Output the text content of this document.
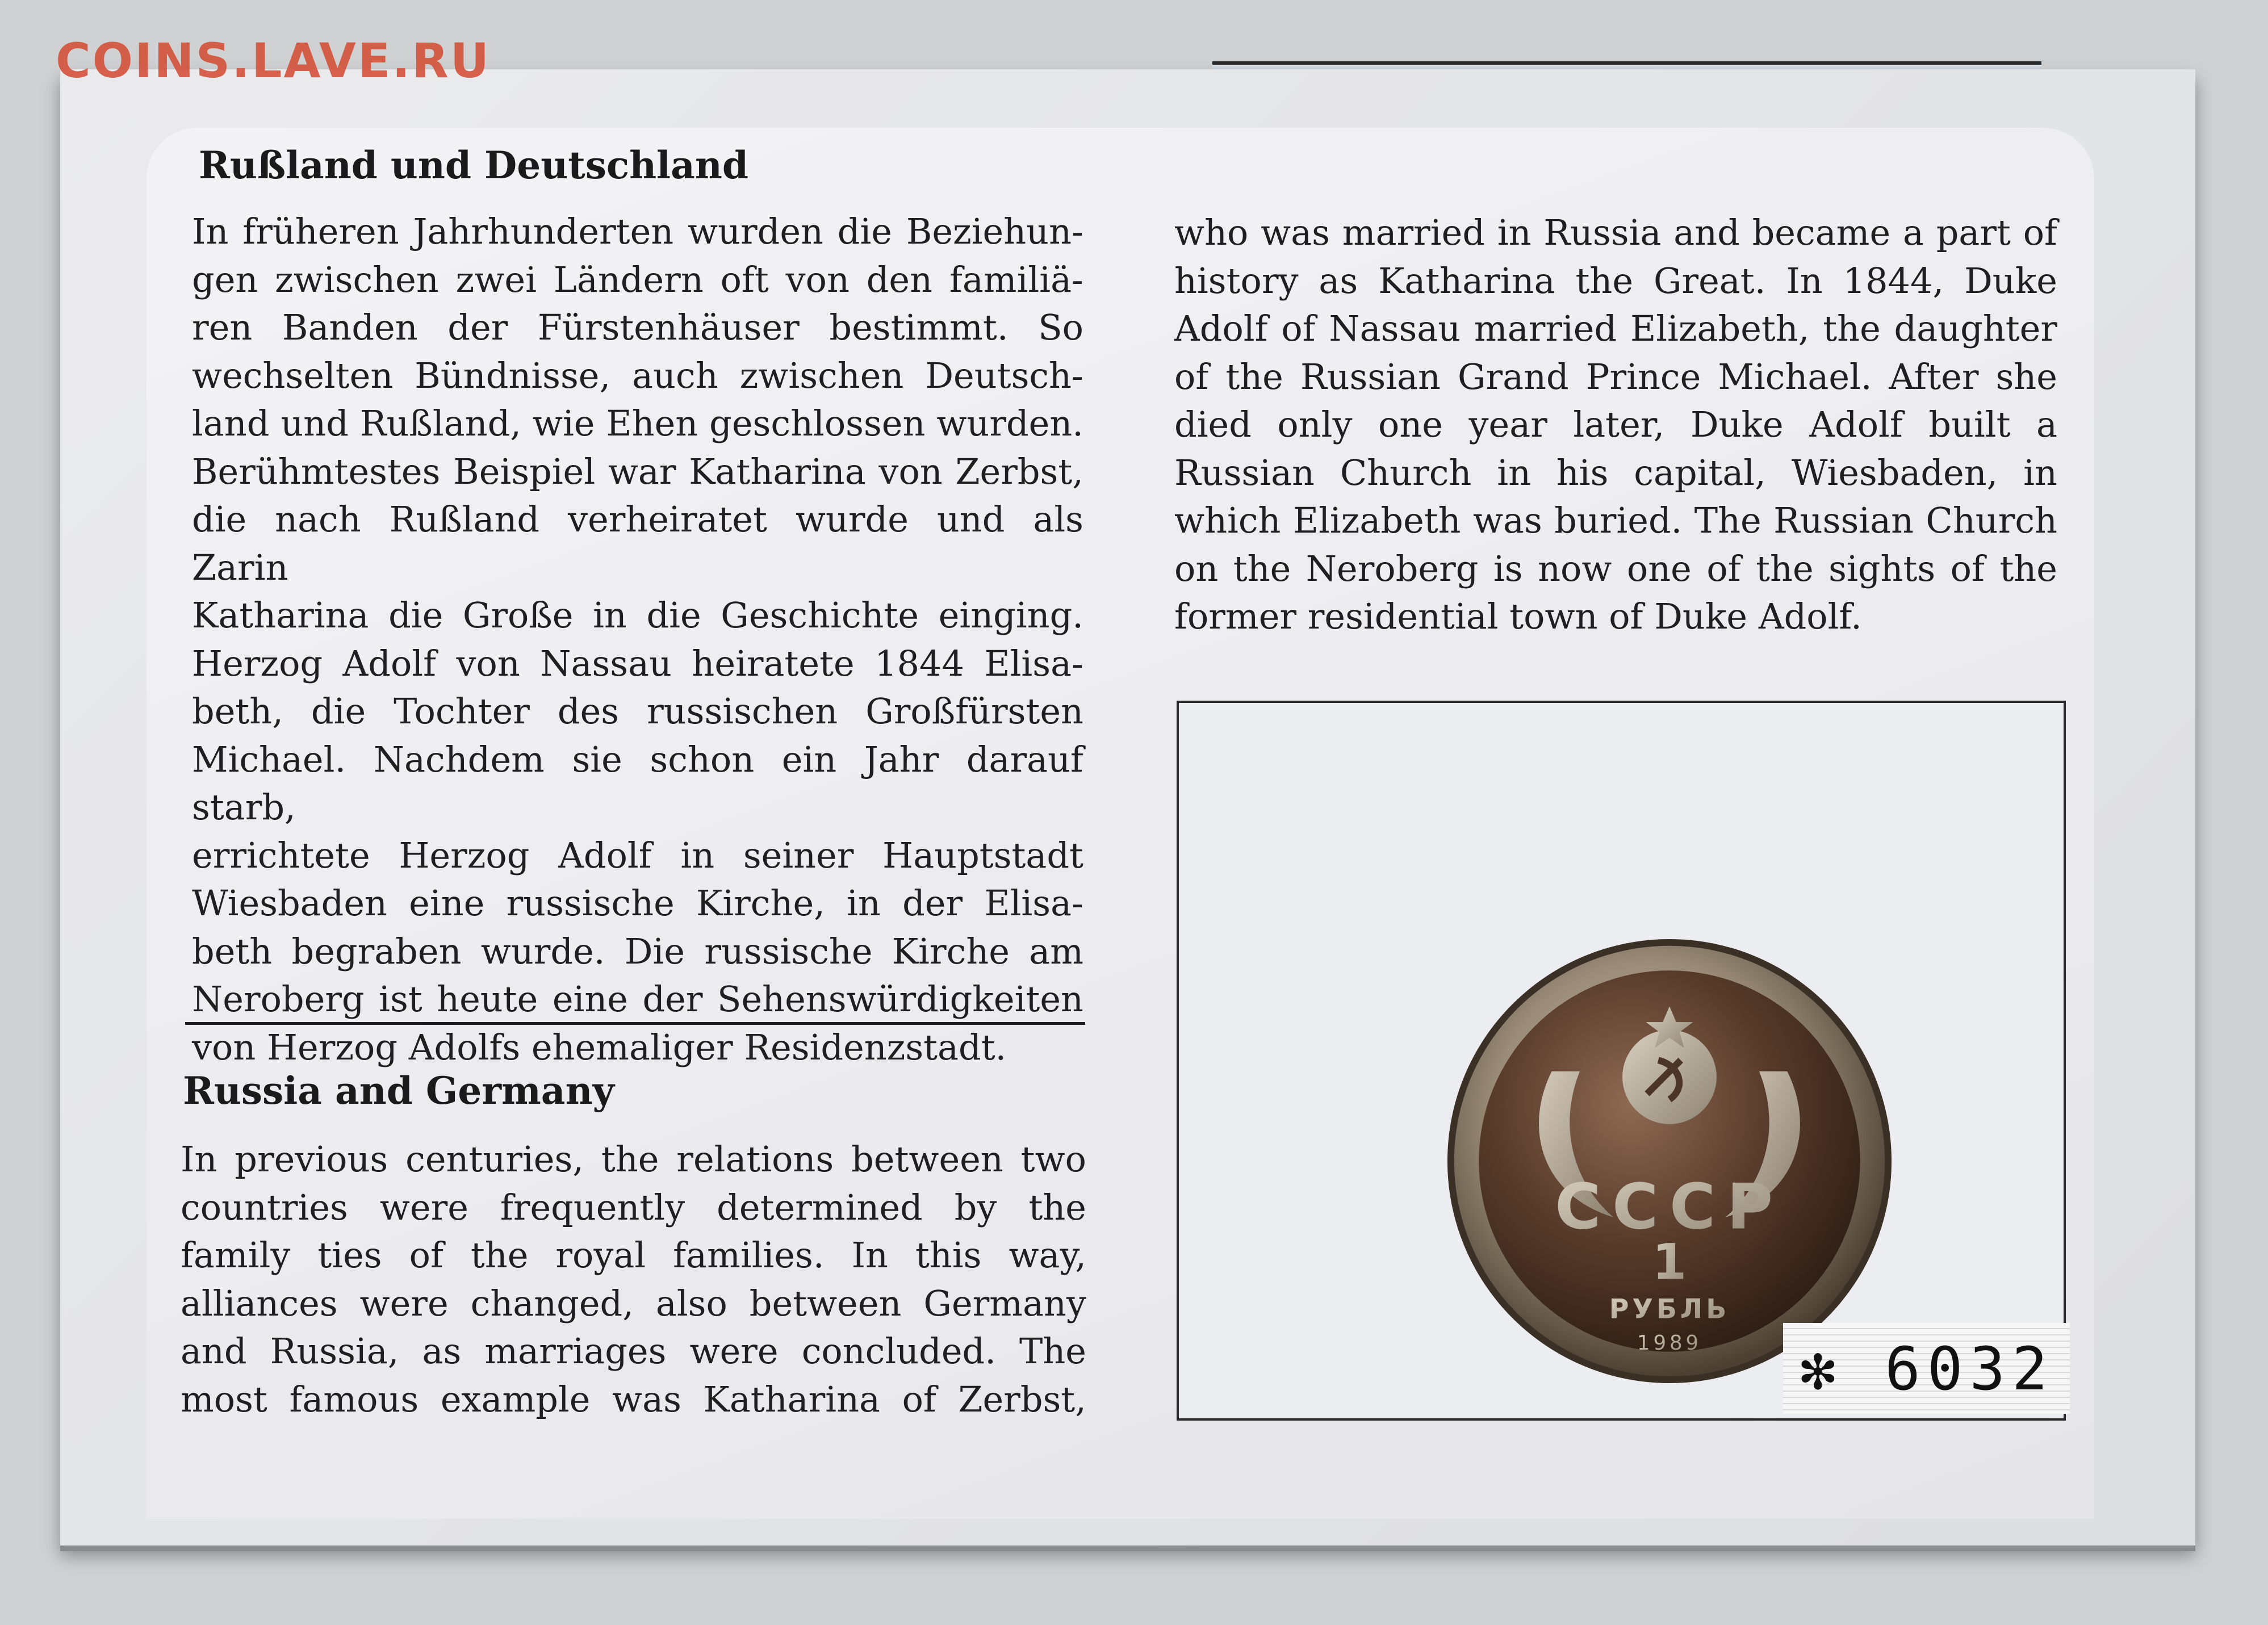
COINS.LAVE.RU
Rußland und Deutschland

In früheren Jahrhunderten wurden die Beziehun-

gen zwischen zwei Ländern oft von den familiä-

ren Banden der Fürstenhäuser bestimmt. So

wechselten Bündnisse, auch zwischen Deutsch-

land und Rußland, wie Ehen geschlossen wurden.

Berühmtestes Beispiel war Katharina von Zerbst,

die nach Rußland verheiratet wurde und als Zarin

Katharina die Große in die Geschichte einging.

Herzog Adolf von Nassau heiratete 1844 Elisa-

beth, die Tochter des russischen Großfürsten

Michael. Nachdem sie schon ein Jahr darauf starb,

errichtete Herzog Adolf in seiner Hauptstadt

Wiesbaden eine russische Kirche, in der Elisa-

beth begraben wurde. Die russische Kirche am

Neroberg ist heute eine der Sehenswürdigkeiten

von Herzog Adolfs ehemaliger Residenzstadt.

Russia and Germany

In previous centuries, the relations between two

countries were frequently determined by the

family ties of the royal families. In this way,

alliances were changed, also between Germany

and Russia, as marriages were concluded. The

most famous example was Katharina of Zerbst,

who was married in Russia and became a part of

history as Katharina the Great. In 1844, Duke

Adolf of Nassau married Elizabeth, the daughter

of the Russian Grand Prince Michael. After she

died only one year later, Duke Adolf built a

Russian Church in his capital, Wiesbaden, in

which Elizabeth was buried. The Russian Church

on the Neroberg is now one of the sights of the

former residential town of Duke Adolf.

СССР
1
РУБЛЬ
1989 ✻ 6032
